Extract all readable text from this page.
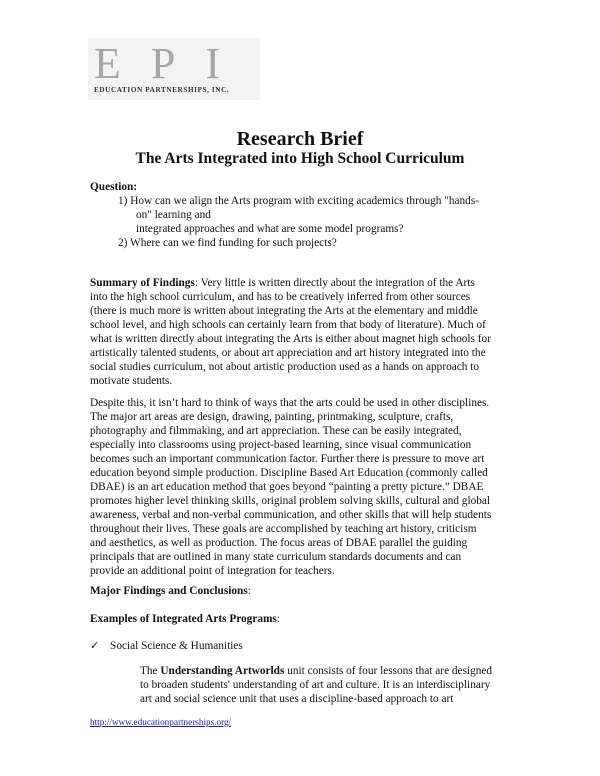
EPI
EDUCATION PARTNERSHIPS, INC.
Research Brief
The Arts Integrated into High School Curriculum
Question:
1) How can we align the Arts program with exciting academics through "hands-
on" learning and
integrated approaches and what are some model programs?
2) Where can we find funding for such projects?
Summary of Findings: Very little is written directly about the integration of the Arts
into the high school curriculum, and has to be creatively inferred from other sources
(there is much more is written about integrating the Arts at the elementary and middle
school level, and high schools can certainly learn from that body of literature). Much of
what is written directly about integrating the Arts is either about magnet high schools for
artistically talented students, or about art appreciation and art history integrated into the
social studies curriculum, not about artistic production used as a hands on approach to
motivate students.
Despite this, it isn’t hard to think of ways that the arts could be used in other disciplines.
The major art areas are design, drawing, painting, printmaking, sculpture, crafts,
photography and filmmaking, and art appreciation. These can be easily integrated,
especially into classrooms using project-based learning, since visual communication
becomes such an important communication factor. Further there is pressure to move art
education beyond simple production. Discipline Based Art Education (commonly called
DBAE) is an art education method that goes beyond “painting a pretty picture.” DBAE
promotes higher level thinking skills, original problem solving skills, cultural and global
awareness, verbal and non-verbal communication, and other skills that will help students
throughout their lives. These goals are accomplished by teaching art history, criticism
and aesthetics, as well as production. The focus areas of DBAE parallel the guiding
principals that are outlined in many state curriculum standards documents and can
provide an additional point of integration for teachers.
Major Findings and Conclusions:
Examples of Integrated Arts Programs:
✓ Social Science & Humanities
The Understanding Artworlds unit consists of four lessons that are designed
to broaden students' understanding of art and culture. It is an interdisciplinary
art and social science unit that uses a discipline-based approach to art
http://www.educationpartnerships.org/
